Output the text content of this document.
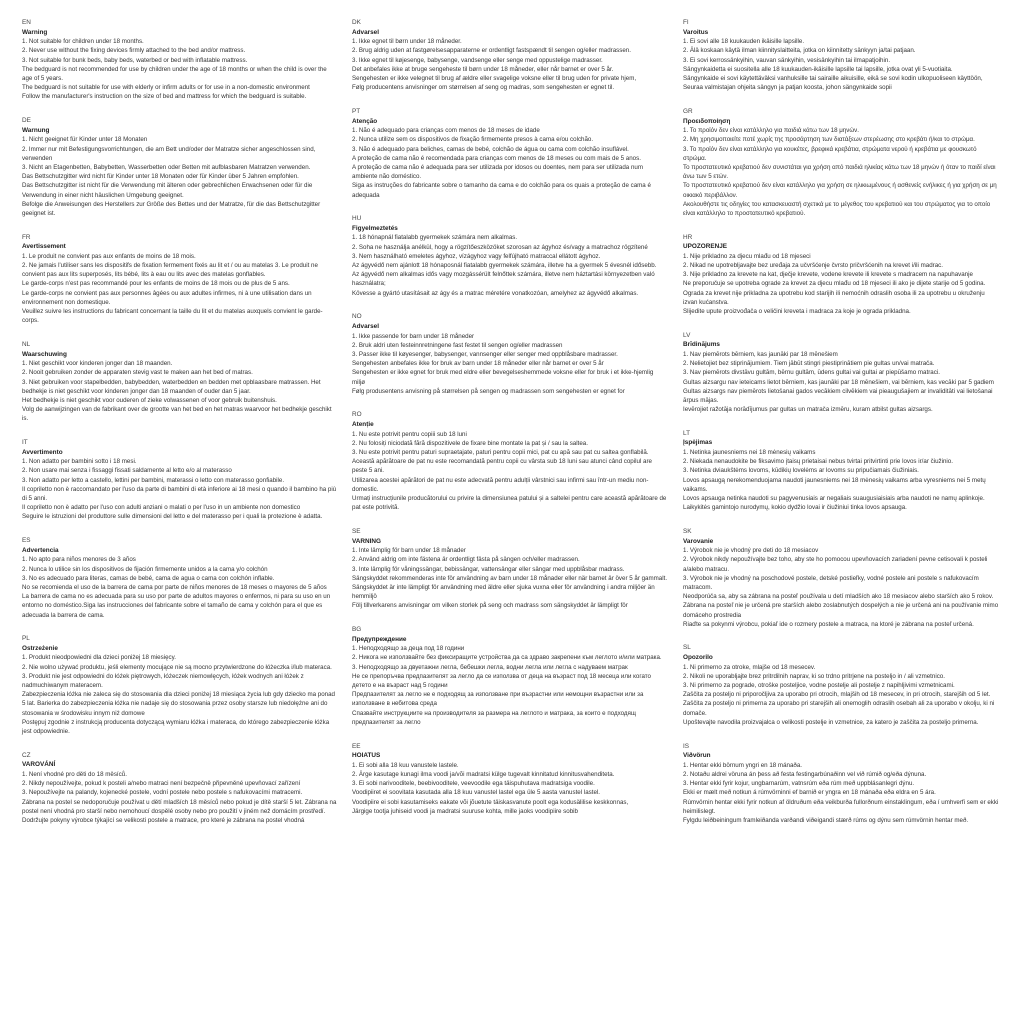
EN
Warning
1. Not suitable for children under 18 months.
2. Never use without the fixing devices firmly attached to the bed and/or mattress.
3. Not suitable for bunk beds, baby beds, waterbed or bed with inflatable mattress.
The bedguard is not recommended for use by children under the age of 18 months or when the child is over the age of 5 years.
The bedguard is not suitable for use with elderly or infirm adults or for use in a non-domestic environment
Follow the manufacturer's instruction on the size of bed and mattress for which the bedguard is suitable.
DE
Warnung
1. Nicht geeignet für Kinder unter 18 Monaten
2. Immer nur mit Befestigungsvorrichtungen, die am Bett und/oder der Matratze sicher angeschlossen sind, verwenden
3. Nicht an Etagenbetten, Babybetten, Wasserbetten oder Betten mit aufblasbaren Matratzen verwenden.
Das Bettschutzgitter wird nicht für Kinder unter 18 Monaten oder für Kinder über 5 Jahren empfohlen.
Das Bettschutzgitter ist nicht für die Verwendung mit älteren oder gebrechlichen Erwachsenen oder für die Verwendung in einer nicht häuslichen Umgebung geeignet.
Befolge die Anweisungen des Herstellers zur Größe des Bettes und der Matratze, für die das Bettschutzgitter geeignet ist.
FR
Avertissement
1. Le produit ne convient pas aux enfants de moins de 18 mois.
2. Ne jamais l'utiliser sans les dispositifs de fixation fermement fixés au lit et / ou au matelas 3. Le produit ne convient pas aux lits superposés, lits bébé, lits à eau ou lits avec des matelas gonflables.
Le garde-corps n'est pas recommandé pour les enfants de moins de 18 mois ou de plus de 5 ans.
Le garde-corps ne convient pas aux personnes âgées ou aux adultes infirmes, ni à une utilisation dans un environnement non domestique.
Veuillez suivre les instructions du fabricant concernant la taille du lit et du matelas auxquels convient le garde-corps.
NL
Waarschuwing
1. Niet geschikt voor kinderen jonger dan 18 maanden.
2. Nooit gebruiken zonder de apparaten stevig vast te maken aan het bed of matras.
3. Niet gebruiken voor stapelbedden, babybedden, waterbedden en bedden met opblaasbare matrassen. Het bedhekje is niet geschikt voor kinderen jonger dan 18 maanden of ouder dan 5 jaar.
Het bedhekje is niet geschikt voor ouderen of zieke volwassenen of voor gebruik buitenshuis.
Volg de aanwijzingen van de fabrikant over de grootte van het bed en het matras waarvoor het bedhekje geschikt is.
IT
Avvertimento
1. Non adatto per bambini sotto i 18 mesi.
2. Non usare mai senza i fissaggi fissati saldamente al letto e/o al materasso
3. Non adatto per letto a castello, lettini per bambini, materassi o letto con materasso gonfiabile.
Il copriletto non è raccomandato per l'uso da parte di bambini di età inferiore ai 18 mesi o quando il bambino ha più di 5 anni.
Il copriletto non è adatto per l'uso con adulti anziani o malati o per l'uso in un ambiente non domestico
Seguire le istruzioni del produttore sulle dimensioni del letto e del materasso per i quali la protezione è adatta.
ES
Advertencia
1. No apto para niños menores de 3 años
2. Nunca lo utilice sin los dispositivos de fijación firmemente unidos a la cama y/o colchón
3. No es adecuado para literas, camas de bebé, cama de agua o cama con colchón inflable.
No se recomienda el uso de la barrera de cama por parte de niños menores de 18 meses o mayores de 5 años
La barrera de cama no es adecuada para su uso por parte de adultos mayores o enfermos, ni para su uso en un entorno no doméstico.Siga las instrucciones del fabricante sobre el tamaño de cama y colchón para el que es adecuada la barrera de cama.
PL
Ostrzeżenie
1. Produkt nieodpowiedni dla dzieci poniżej 18 miesięcy.
2. Nie wolno używać produktu, jeśli elementy mocujące nie są mocno przytwierdzone do łóżeczka i/lub materaca.
3. Produkt nie jest odpowiedni do łóżek piętrowych, łóżeczek niemowlęcych, łóżek wodnych ani łóżek z nadmuchiwanym materacem.
Zabezpieczenia łóżka nie zaleca się do stosowania dla dzieci poniżej 18 miesiąca życia lub gdy dziecko ma ponad 5 lat. Barierka do zabezpieczenia łóżka nie nadaje się do stosowania przez osoby starsze lub niedołężne ani do stosowania w środowisku innym niż domowe
Postępuj zgodnie z instrukcją producenta dotyczącą wymiaru łóżka i materaca, do którego zabezpieczenie łóżka jest odpowiednie.
CZ
VAROVÁNÍ
1. Není vhodné pro děti do 18 měsíců.
2. Nikdy nepoužívejte, pokud k posteli a/nebo matraci není bezpečně připevněné upevňovací zařízení
3. Nepoužívejte na palandy, kojenecké postele, vodní postele nebo postele s nafukovacími matracemi.
Zábrana na postel se nedoporučuje používat u dětí mladších 18 měsíců nebo pokud je dítě starší 5 let. Zábrana na postel není vhodná pro starší nebo nemohoucí dospělé osoby nebo pro použití v jiném než domácím prostředí. Dodržujte pokyny výrobce týkající se velikosti postele a matrace, pro které je zábrana na postel vhodná
DK
Advarsel
1. Ikke egnet til børn under 18 måneder.
2. Brug aldrig uden at fastgørelsesapparaterne er ordentligt fastspændt til sengen og/eller madrassen.
3. Ikke egnet til køjesenge, babysenge, vandsenge eller senge med oppustelige madrasser.
Det anbefales ikke at bruge sengeheste til børn under 18 måneder, eller når barnet er over 5 år.
Sengehesten er ikke velegnet til brug af ældre eller svagelige voksne eller til brug uden for private hjem,
Følg producentens anvisninger om størrelsen af seng og madras, som sengehesten er egnet til.
PT
Atenção
1. Não é adequado para crianças com menos de 18 meses de idade
2. Nunca utilize sem os dispositivos de fixação firmemente presos à cama e/ou colchão.
3. Não é adequado para beliches, camas de bebé, colchão de água ou cama com colchão insuflável.
A proteção de cama não é recomendada para crianças com menos de 18 meses ou com mais de 5 anos.
A proteção de cama não é adequada para ser utilizada por idosos ou doentes, nem para ser utilizada num ambiente não doméstico.
Siga as instruções do fabricante sobre o tamanho da cama e do colchão para os quais a proteção de cama é adequada
HU
Figyelmeztetés
1. 18 hónapnál fiatalabb gyermekek számára nem alkalmas.
2. Soha ne használja anélkül, hogy a rögzítőeszközöket szorosan az ágyhoz és/vagy a matrachoz rögzítené
3. Nem használható emeletes ágyhoz, vízágyhoz vagy felfújható matraccal ellátott ágyhoz.
Az ágyvédő nem ajánlott 18 hónaposnál fiatalabb gyermekek számára, illetve ha a gyermek 5 évesnél idősebb.
Az ágyvédő nem alkalmas idős vagy mozgássérült felnőttek számára, illetve nem háztartási környezetben való használatra;
Kövesse a gyártó utasításait az ágy és a matrac méretére vonatkozóan, amelyhez az ágyvédő alkalmas.
NO
Advarsel
1. Ikke passende for barn under 18 måneder
2. Bruk aldri uten festeinnretningene fast festet til sengen og/eller madrassen
3. Passer ikke til køyesenger, babysenger, vannsenger eller senger med oppblåsbare madrasser.
Sengehesten anbefales ikke for bruk av barn under 18 måneder eller når barnet er over 5 år
Sengehesten er ikke egnet for bruk med eldre eller bevegelseshemmede voksne eller for bruk i et ikke-hjemlig miljø
Følg produsentens anvisning på størrelsen på sengen og madrassen som sengehesten er egnet for
RO
Atenție
1. Nu este potrivit pentru copiii sub 18 luni
2. Nu folosiți niciodată fără dispozitivele de fixare bine montate la pat și / sau la saltea.
3. Nu este potrivit pentru paturi supraetajate, paturi pentru copii mici, pat cu apă sau pat cu saltea gonflabilă.
Această apărătoare de pat nu este recomandată pentru copii cu vârsta sub 18 luni sau atunci când copilul are peste 5 ani.
Utilizarea acestei apărători de pat nu este adecvată pentru adulții vârstnici sau infirmi sau într-un mediu non-domestic.
Urmați instrucțiunile producătorului cu privire la dimensiunea patului și a saltelei pentru care această apărătoare de pat este potrivită.
SE
VARNING
1. Inte lämplig för barn under 18 månader
2. Använd aldrig om inte fästena är ordentligt fästa på sängen och/eller madrassen.
3. Inte lämplig för våningssängar, bebissängar, vattensängar eller sängar med uppblåsbar madrass.
Sängskyddet rekommenderas inte för användning av barn under 18 månader eller när barnet är över 5 år gammalt.
Sängskyddet är inte lämpligt för användning med äldre eller sjuka vuxna eller för användning i andra miljöer än hemmiljö
Följ tillverkarens anvisningar om vilken storlek på seng och madrass som sängskyddet är lämpligt för
BG
Предупреждение
1. Неподходящо за деца под 18 години
2. Никога не използвайте без фиксиращите устройства да са здраво закрепени към леглото и/или матрака.
3. Неподходящо за двуетажни легла, бебешки легла, водни легла или легла с надуваем матрак
Не се препоръчва предпазителят за легло да се използва от деца на възраст под 18 месеца или когато детето е на възраст над 5 години
Предпазителят за легло не е подходящ за използване при възрастни или немощни възрастни или за използване в небитова среда
Спазвайте инструкциите на производителя за размера на леглото и матрака, за които е подходящ предпазителят за легло
EE
HOIATUS
1. Ei sobi alla 18 kuu vanustele lastele.
2. Ärge kasutage kunagi ilma voodi ja/või madratsi külge tugevalt kinnitatud kinnitusvahenditeta.
3. Ei sobi narivooditele, beebivooditele, veevoodile ega täispuhutava madratsiga voodile.
Voodipiiret ei soovitata kasutada alla 18 kuu vanustel lastel ega üle 5 aasta vanustel lastel.
Voodipiire ei sobi kasutamiseks eakate või jõuetute täiskasvanute poolt ega kodusälilise keskkonnas,
Järgige tootja juhiseid voodi ja madratsi suuruse kohta, mille jaoks voodipiire sobib
FI
Varoitus
1. Ei sovi alle 18 kuukauden ikäisille lapsille.
2. Älä koskaan käytä ilman kiinnityslaitteita, jotka on kiinnitetty sänkyyn ja/tai patjaan.
3. Ei sovi kerrossänkyihin, vauvan sänkyihin, vesisänkyihin tai ilmapatjoihin.
Sängynkaidetta ei suositella alle 18 kuukauden-ikäisille lapsille tai lapsille, jotka ovat yli 5-vuotiaita.
Sängynkaide ei sovi käytettäväksi vanhuksille tai sairaille aikuisille, eikä se sovi kodin ulkopuoliseen käyttöön,
Seuraa valmistajan ohjeita sängyn ja patjan koosta, johon sängynkaide sopii
GR
Προειδοποίηση
1. Το προϊόν δεν είναι κατάλληλο για παιδιά κάτω των 18 μηνών.
2. Μη χρησιμοποιείτε ποτέ χωρίς της προσάρτηση των διατάξεων στερέωσης στο κρεβάτι ή/και το στρώμα.
3. Το προϊόν δεν είναι κατάλληλο για κουκέτες, βρεφικά κρεβάτια, στρώματα νερού ή κρεβάτια με φουσκωτό στρώμα.
Το προστατευτικό κρεβατιού δεν συνιστάται για χρήση από παιδιά ηλικίας κάτω των 18 μηνών ή όταν το παιδί είναι άνω των 5 ετών.
Το προστατευτικό κρεβατιού δεν είναι κατάλληλο για χρήση σε ηλικιωμένους ή ασθενείς ενήλικες ή για χρήση σε μη οικιακό περιβάλλον.
Ακολουθήστε τις οδηγίες του κατασκευαστή σχετικά με το μέγεθος του κρεβατιού και του στρώματος για το οποίο είναι κατάλληλο το προστατευτικό κρεβατιού.
HR
UPOZORENJE
1. Nije prikladno za djecu mlađu od 18 mjeseci
2. Nikad ne upotrebljavajte bez uređaja za učvršćenje čvrsto pričvršćenih na krevet i/ili madrac.
3. Nije prikladno za krevete na kat, dječje krevete, vodene krevete ili krevete s madracem na napuhavanje
Ne preporučuje se upotreba ograde za krevet za djecu mlađu od 18 mjeseci ili ako je dijete starije od 5 godina.
Ograda za krevet nije prikladna za upotrebu kod starijih ili nemoćnih odraslih osoba ili za upotrebu u okruženju izvan kućanstva.
Slijedite upute proizvođača o veličini kreveta i madraca za koje je ograda prikladna.
LV
Brīdinājums
1. Nav piemērots bērniem, kas jaunāki par 18 mēnešiem
2. Nelietojiet bez stiprinājumiem. Tiem jābūt stingri piestiprinātiem pie gultas un/vai matrača.
3. Nav piemērots divstāvu gultām, bērnu gultām, ūdens gultai vai gultai ar piepūšamo matraci.
Gultas aizsargu nav ieteicams lietot bērniem, kas jaunāki par 18 mēnešiem, vai bērniem, kas vecāki par 5 gadiem
Gultas aizsargs nav piemērots lietošanai gados vecākiem cilvēkiem vai pieaugušajiem ar invaliditāti vai lietošanai ārpus mājas.
Ievērojiet ražotāja norādījumus par gultas un matrača izmēru, kuram atbilst gultas aizsargs.
LT
Įspėjimas
1. Netinka jaunesniems nei 18 mėnesių vaikams
2. Niekada nenaudokite be fiksavimo įtaisų prietaisai nebus tvirtai pritvirtinti prie lovos ir/ar čiužinio.
3. Netinka dviaukštėms lovoms, kūdikių lovelėms ar lovoms su pripučiamais čiužiniais.
Lovos apsaugą nerekomenduojama naudoti jaunesniems nei 18 mėnesių vaikams arba vyresniems nei 5 metų vaikams.
Lovos apsauga netinka naudoti su pagyvenusiais ar negaliais suaugusiaisiais arba naudoti ne namų aplinkoje.
Laikykitės gamintojo nurodymų, kokio dydžio lovai ir čiužiniui tinka lovos apsauga.
SK
Varovanie
1. Výrobok nie je vhodný pre deti do 18 mesiacov
2. Výrobok nikdy nepoužívajte bez toho, aby ste ho pomocou upevňovacích zariadení pevne cetisovali k posteli a/alebo matracu.
3. Výrobok nie je vhodný na poschodové postele, detské postieľky, vodné postele ani postele s nafukovacím matracom.
Neodporúča sa, aby sa zábrana na posteľ používala u detí mladších ako 18 mesiacov alebo starších ako 5 rokov.
Zábrana na posteľ nie je určená pre starších alebo zoslabnutých dospelých a nie je určená ani na používanie mimo domáceho prostredia
Riaďte sa pokynmi výrobcu, pokiaľ ide o rozmery postele a matraca, na ktoré je zábrana na posteľ určená.
SL
Opozorilo
1. Ni primerno za otroke, mlajše od 18 mesecev.
2. Nikoli ne uporabljajte brez pritrdilnih naprav, ki so trdno pritrjene na posteljo in / ali vzmetnico.
3. Ni primerno za pograde, otroške posteljice, vodne postelje ali postelje z napihljivimi vzmetnicami.
Zaščita za posteljo ni priporočljiva za uporabo pri otrocih, mlajših od 18 mesecev, in pri otrocih, starejših od 5 let.
Zaščita za posteljo ni primerna za uporabo pri starejših ali onemoglih odraslih osebah ali za uporabo v okolju, ki ni domače.
Upoštevajte navodila proizvajalca o velikosti postelje in vzmetnice, za katero je zaščita za posteljo primerna.
IS
Viðvörun
1. Hentar ekki börnum yngri en 18 mánaða.
2. Notaðu aldrei vöruna án þess að festa festingarbúnaðinn vel við rúmið og/eða dýnuna.
3. Hentar ekki fyrir kojur, ungbarnarúm, vatnsrúm eða rúm með uppblásanlegri dýnu.
Ekki er mælt með notkun á rúmvörninni ef barnið er yngra en 18 mánaða eða eldra en 5 ára.
Rúmvörnin hentar ekki fyrir notkun af öldruðum eða veikburða fullorðnum einstaklingum, eða í umhverfi sem er ekki heimilislegt.
Fylgdu leiðbeiningum framleiðanda varðandi viðeigandi stærð rúms og dýnu sem rúmvörnin hentar með.
